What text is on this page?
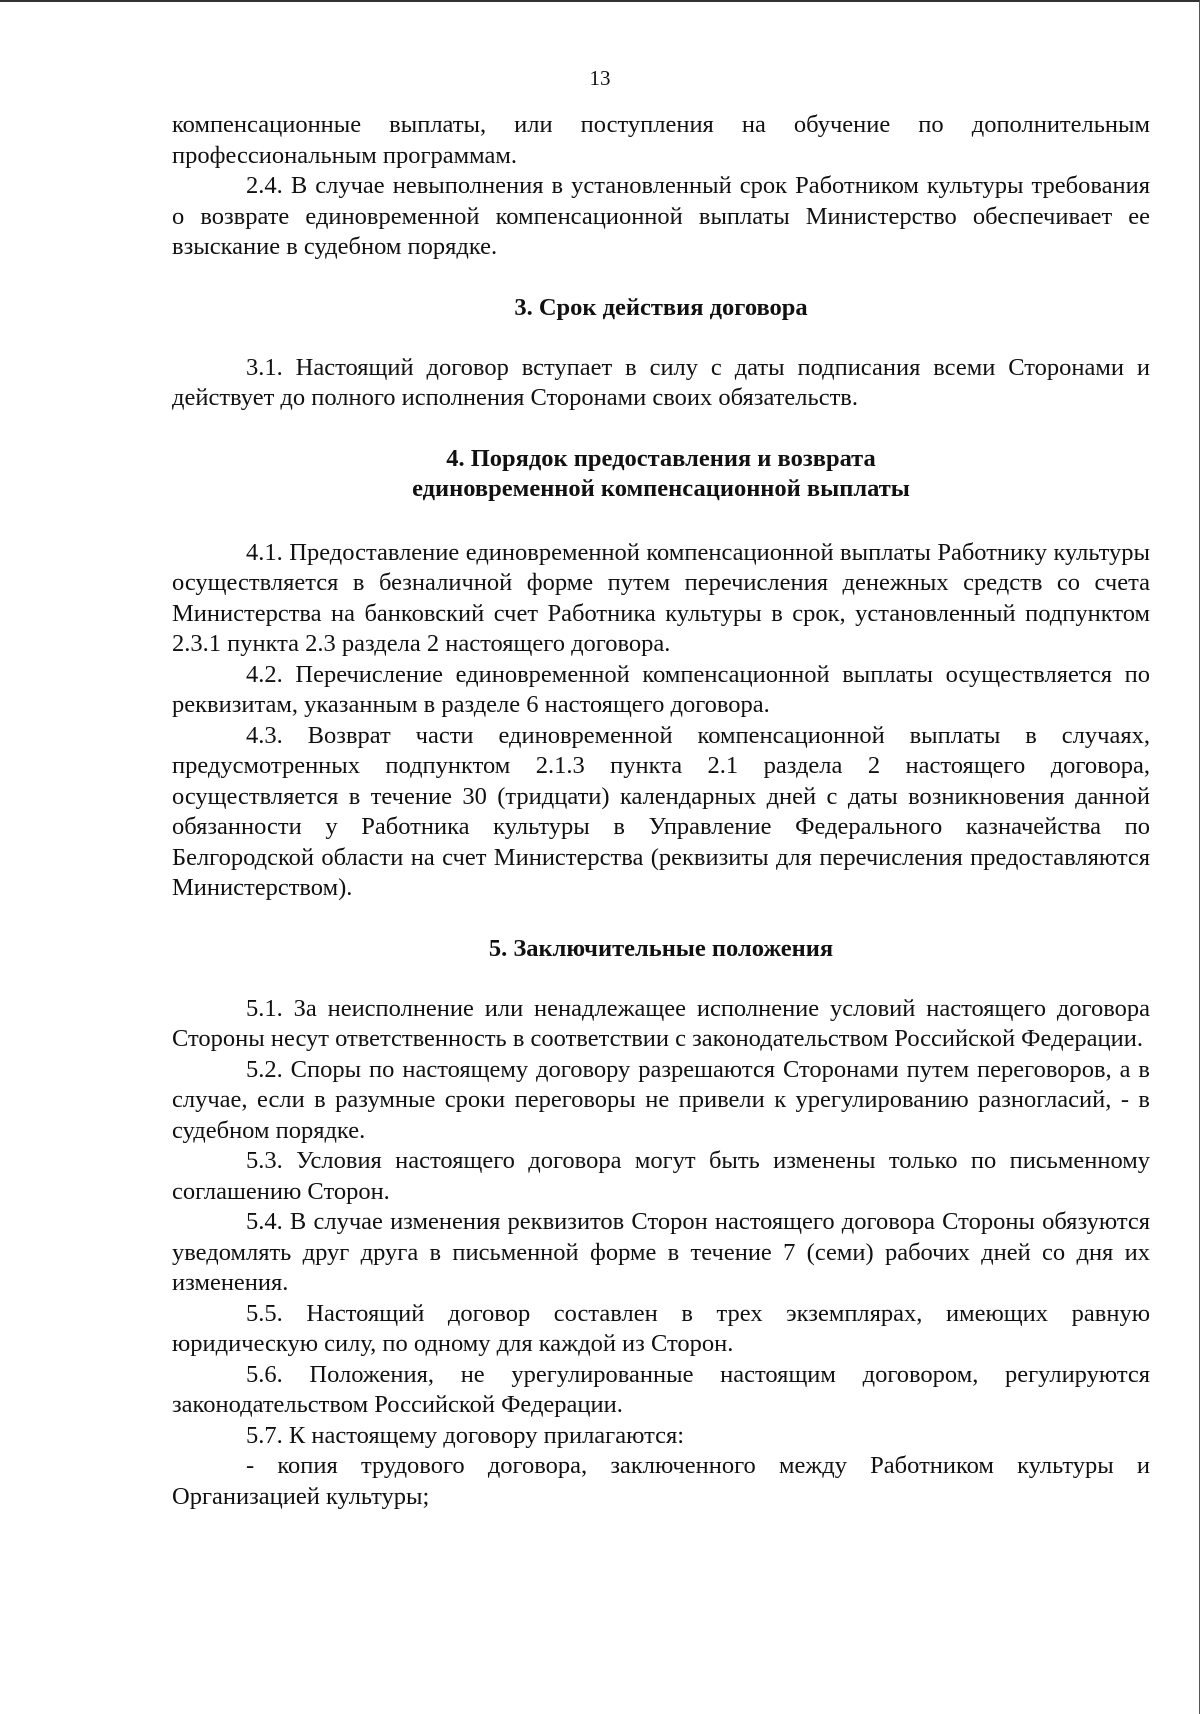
13

компенсационные выплаты, или поступления на обучение по дополнительным профессиональным программам.

2.4. В случае невыполнения в установленный срок Работником культуры требования о возврате единовременной компенсационной выплаты Министерство обеспечивает ее взыскание в судебном порядке.

3. Срок действия договора

3.1. Настоящий договор вступает в силу с даты подписания всеми Сторонами и действует до полного исполнения Сторонами своих обязательств.

4. Порядок предоставления и возврата
единовременной компенсационной выплаты

4.1. Предоставление единовременной компенсационной выплаты Работнику культуры осуществляется в безналичной форме путем перечисления денежных средств со счета Министерства на банковский счет Работника культуры в срок, установленный подпунктом 2.3.1 пункта 2.3 раздела 2 настоящего договора.

4.2. Перечисление единовременной компенсационной выплаты осуществляется по реквизитам, указанным в разделе 6 настоящего договора.

4.3. Возврат части единовременной компенсационной выплаты в случаях, предусмотренных подпунктом 2.1.3 пункта 2.1 раздела 2 настоящего договора, осуществляется в течение 30 (тридцати) календарных дней с даты возникновения данной обязанности у Работника культуры в Управление Федерального казначейства по Белгородской области на счет Министерства (реквизиты для перечисления предоставляются Министерством).

5. Заключительные положения

5.1. За неисполнение или ненадлежащее исполнение условий настоящего договора Стороны несут ответственность в соответствии с законодательством Российской Федерации.

5.2. Споры по настоящему договору разрешаются Сторонами путем переговоров, а в случае, если в разумные сроки переговоры не привели к урегулированию разногласий, - в судебном порядке.

5.3. Условия настоящего договора могут быть изменены только по письменному соглашению Сторон.

5.4. В случае изменения реквизитов Сторон настоящего договора Стороны обязуются уведомлять друг друга в письменной форме в течение 7 (семи) рабочих дней со дня их изменения.

5.5. Настоящий договор составлен в трех экземплярах, имеющих равную юридическую силу, по одному для каждой из Сторон.

5.6. Положения, не урегулированные настоящим договором, регулируются законодательством Российской Федерации.

5.7. К настоящему договору прилагаются:

- копия трудового договора, заключенного между Работником культуры и Организацией культуры;
